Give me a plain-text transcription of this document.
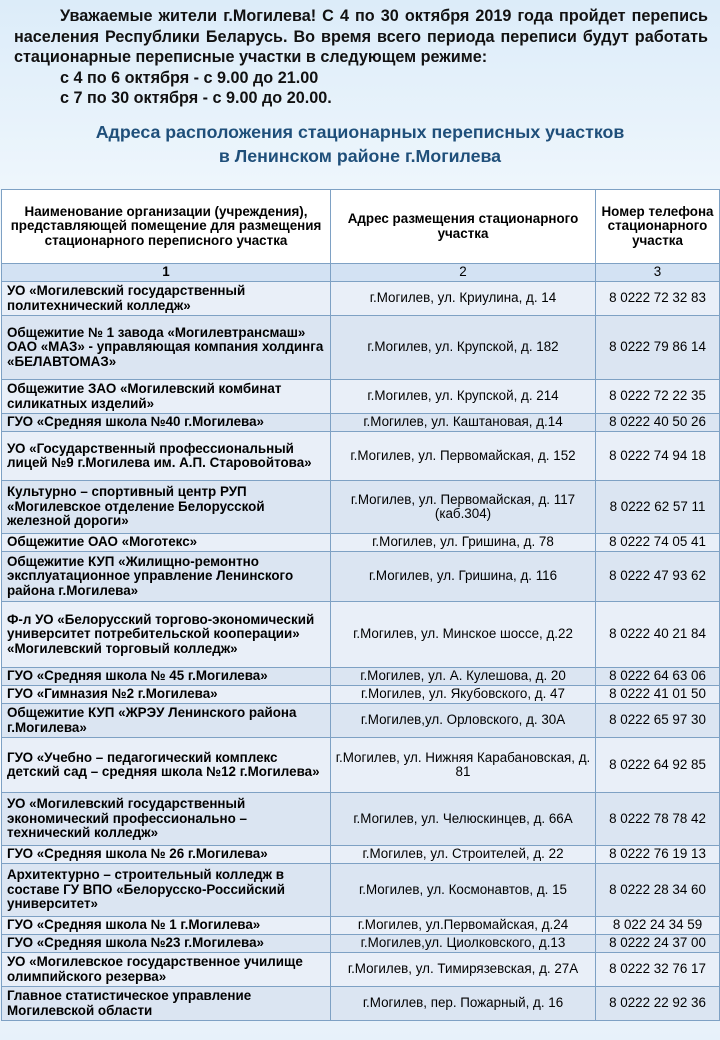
Уважаемые жители г.Могилева! С 4 по 30 октября 2019 года пройдет перепись населения Республики Беларусь. Во время всего периода переписи будут работать стационарные переписные участки в следующем режиме:

с 4 по 6 октября - с 9.00 до 21.00
с 7 по 30 октября - с 9.00 до 20.00.
Адреса расположения стационарных переписных участков
в Ленинском районе г.Могилева
Наименование организации (учреждения), представляющей помещение для размещения стационарного переписного участка	Адрес размещения стационарного участка	Номер телефона стационарного участка
1	2	3
УО «Могилевский государственный политехнический колледж»	г.Могилев, ул. Криулина, д. 14	8 0222 72 32 83
Общежитие № 1 завода «Могилевтрансмаш» ОАО «МАЗ» - управляющая компания холдинга «БЕЛАВТОМАЗ»	г.Могилев, ул. Крупской, д. 182	8 0222 79 86 14
Общежитие ЗАО «Могилевский комбинат силикатных изделий»	г.Могилев, ул. Крупской, д. 214	8 0222 72 22 35
ГУО «Средняя школа №40 г.Могилева»	г.Могилев, ул. Каштановая, д.14	8 0222 40 50 26
УО «Государственный профессиональный лицей №9 г.Могилева им. А.П. Старовойтова»	г.Могилев, ул. Первомайская, д. 152	8 0222 74 94 18
Культурно – спортивный центр РУП «Могилевское отделение Белорусской железной дороги»	г.Могилев, ул. Первомайская, д. 117 (каб.304)	8 0222 62 57 11
Общежитие ОАО «Моготекс»	г.Могилев, ул. Гришина, д. 78	8 0222 74 05 41
Общежитие КУП «Жилищно-ремонтно эксплуатационное управление Ленинского района г.Могилева»	г.Могилев, ул. Гришина, д. 116	8 0222 47 93 62
Ф-л УО «Белорусский торгово-экономический университет потребительской кооперации» «Могилевский торговый колледж»	г.Могилев, ул. Минское шоссе, д.22	8 0222 40 21 84
ГУО «Средняя школа № 45 г.Могилева»	г.Могилев, ул. А. Кулешова, д. 20	8 0222 64 63 06
ГУО «Гимназия №2 г.Могилева»	г.Могилев, ул. Якубовского, д. 47	8 0222 41 01 50
Общежитие КУП «ЖРЭУ Ленинского района г.Могилева»	г.Могилев,ул. Орловского, д. 30А	8 0222 65 97 30
ГУО «Учебно – педагогический комплекс детский сад – средняя школа №12 г.Могилева»	г.Могилев, ул. Нижняя Карабановская, д. 81	8 0222 64 92 85
УО «Могилевский государственный экономический профессионально – технический колледж»	г.Могилев, ул. Челюскинцев, д. 66А	8 0222 78 78 42
ГУО «Средняя школа № 26 г.Могилева»	г.Могилев, ул. Строителей, д. 22	8 0222 76 19 13
Архитектурно – строительный колледж в составе ГУ ВПО «Белорусско-Российский университет»	г.Могилев, ул. Космонавтов, д. 15	8 0222 28 34 60
ГУО «Средняя школа № 1 г.Могилева»	г.Могилев, ул.Первомайская, д.24	8 022 24 34 59
ГУО «Средняя школа №23 г.Могилева»	г.Могилев,ул. Циолковского, д.13	8 0222 24 37 00
УО «Могилевское государственное училище олимпийского резерва»	г.Могилев, ул. Тимирязевская, д. 27А	8 0222 32 76 17
Главное статистическое управление Могилевской области	г.Могилев, пер. Пожарный, д. 16	8 0222 22 92 36
